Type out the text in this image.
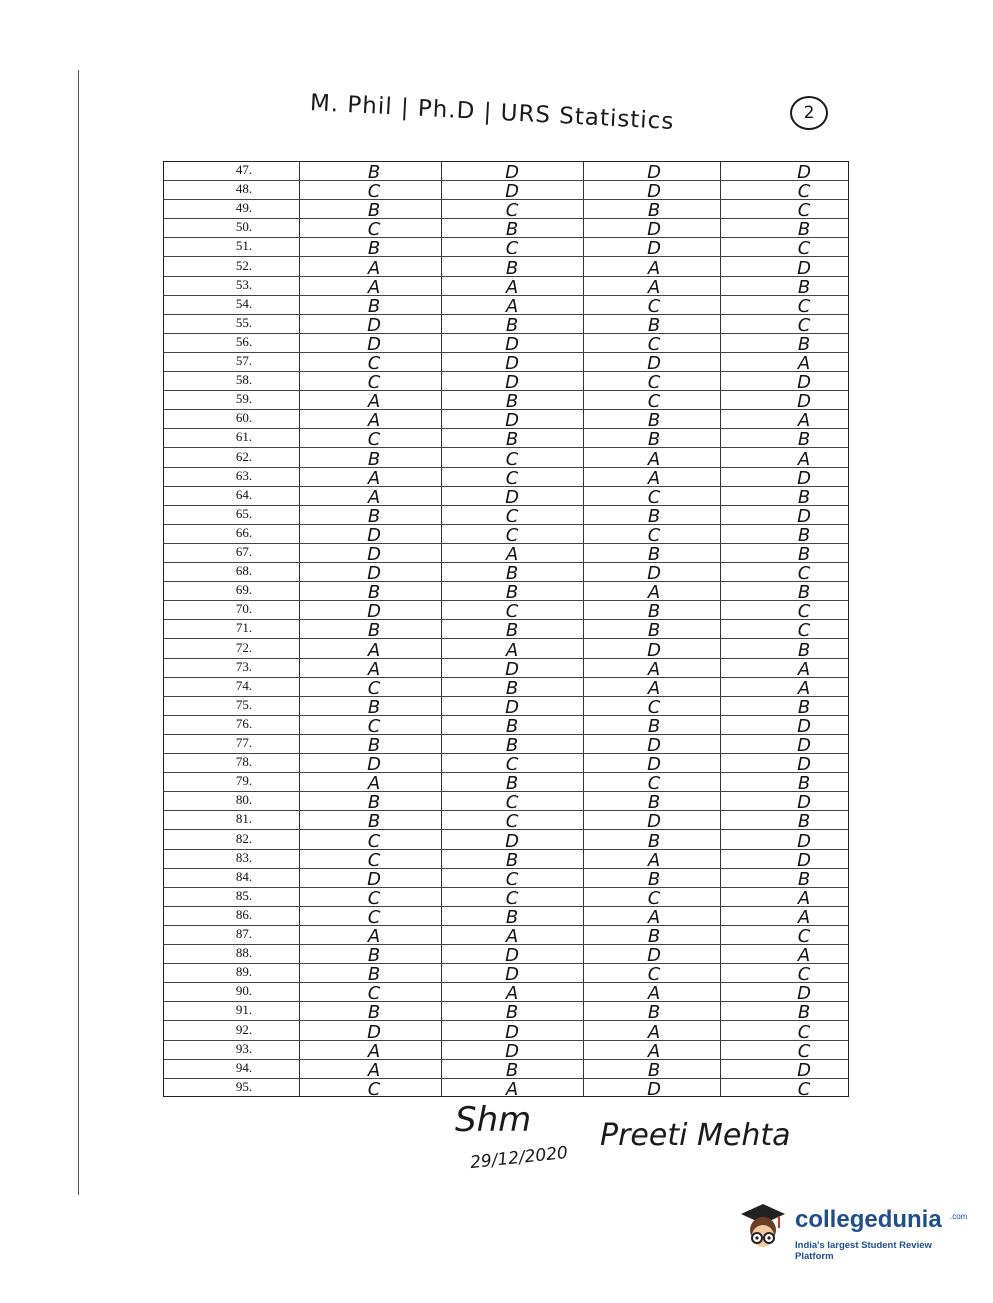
M. Phil | Ph.D | URS Statistics	2
47.	B	D	D	D
48.	C	D	D	C
49.	B	C	B	C
50.	C	B	D	B
51.	B	C	D	C
52.	A	B	A	D
53.	A	A	A	B
54.	B	A	C	C
55.	D	B	B	C
56.	D	D	C	B
57.	C	D	D	A
58.	C	D	C	D
59.	A	B	C	D
60.	A	D	B	A
61.	C	B	B	B
62.	B	C	A	A
63.	A	C	A	D
64.	A	D	C	B
65.	B	C	B	D
66.	D	C	C	B
67.	D	A	B	B
68.	D	B	D	C
69.	B	B	A	B
70.	D	C	B	C
71.	B	B	B	C
72.	A	A	D	B
73.	A	D	A	A
74.	C	B	A	A
75.	B	D	C	B
76.	C	B	B	D
77.	B	B	D	D
78.	D	C	D	D
79.	A	B	C	B
80.	B	C	B	D
81.	B	C	D	B
82.	C	D	B	D
83.	C	B	A	D
84.	D	C	B	B
85.	C	C	C	A
86.	C	B	A	A
87.	A	A	B	C
88.	B	D	D	A
89.	B	D	C	C
90.	C	A	A	D
91.	B	B	B	B
92.	D	D	A	C
93.	A	D	A	C
94.	A	B	B	D
95.	C	A	D	C
Shm
29/12/2020
Preeti Mehta
collegedunia .com
India's largest Student Review Platform
